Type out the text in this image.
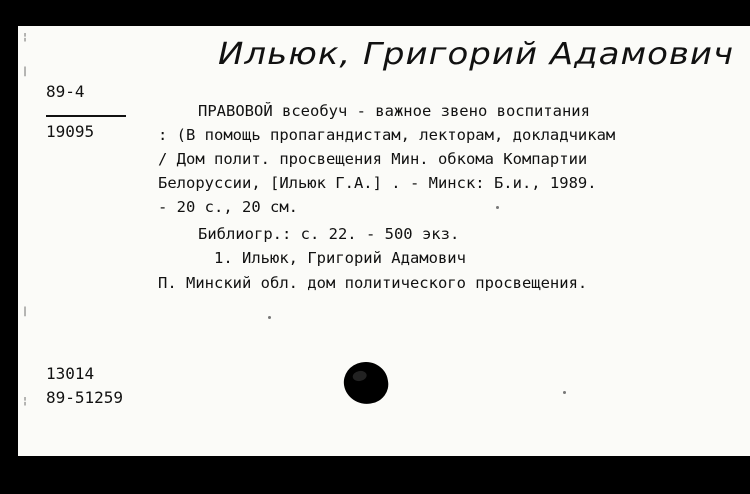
¦
|
|
¦
Ильюк, Григорий Адамович
89-4
19095
ПРАВОВОЙ всеобуч - важное звено воспитания
: (В помощь пропагандистам, лекторам, докладчикам
/ Дом полит. просвещения Мин. обкома Компартии
Белоруссии, [Ильюк Г.А.] . - Минск: Б.и., 1989.
- 20 с., 20 см.
Библиогр.: с. 22. - 500 экз.
1. Ильюк, Григорий Адамович
П. Минский обл. дом политического просвещения.
13014
89-51259
